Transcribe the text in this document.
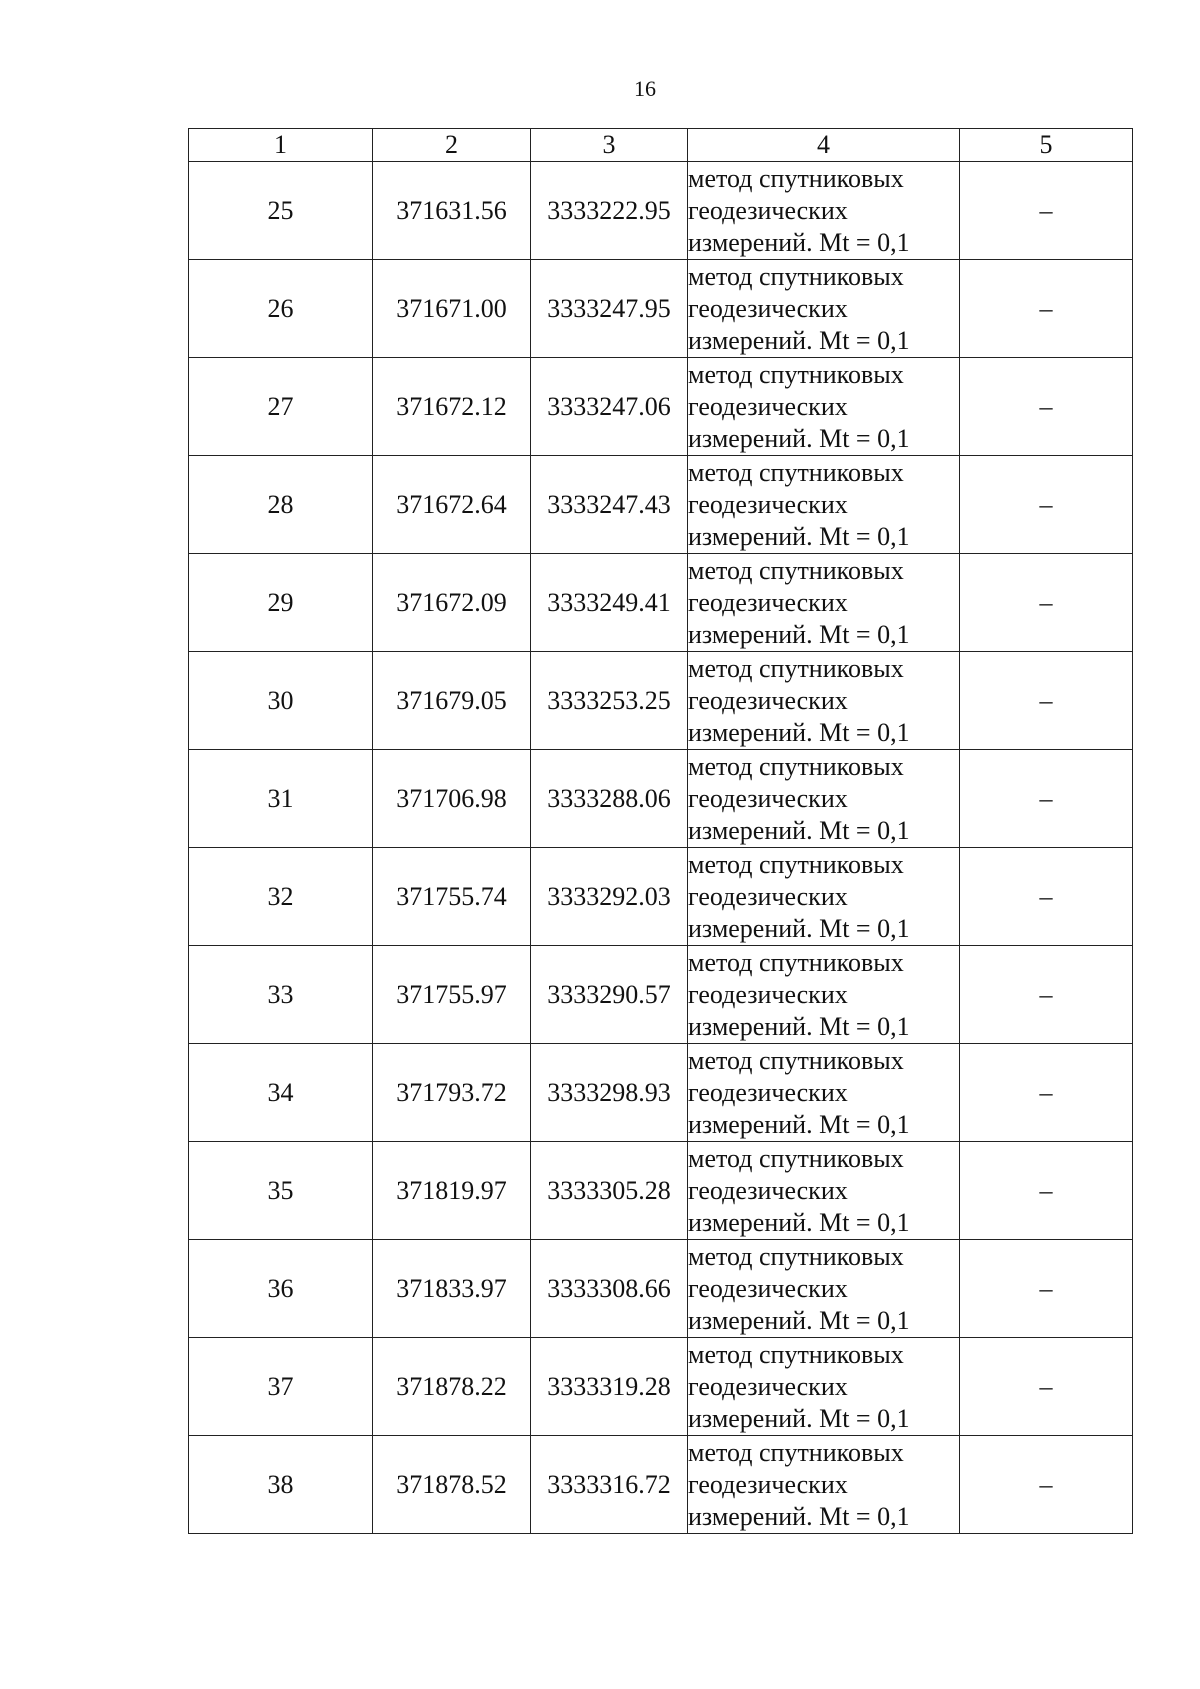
16
1	2	3	4	5
25	371631.56	3333222.95	метод спутниковых
геодезических
измерений. Mt = 0,1	–
26	371671.00	3333247.95	метод спутниковых
геодезических
измерений. Mt = 0,1	–
27	371672.12	3333247.06	метод спутниковых
геодезических
измерений. Mt = 0,1	–
28	371672.64	3333247.43	метод спутниковых
геодезических
измерений. Mt = 0,1	–
29	371672.09	3333249.41	метод спутниковых
геодезических
измерений. Mt = 0,1	–
30	371679.05	3333253.25	метод спутниковых
геодезических
измерений. Mt = 0,1	–
31	371706.98	3333288.06	метод спутниковых
геодезических
измерений. Mt = 0,1	–
32	371755.74	3333292.03	метод спутниковых
геодезических
измерений. Mt = 0,1	–
33	371755.97	3333290.57	метод спутниковых
геодезических
измерений. Mt = 0,1	–
34	371793.72	3333298.93	метод спутниковых
геодезических
измерений. Mt = 0,1	–
35	371819.97	3333305.28	метод спутниковых
геодезических
измерений. Mt = 0,1	–
36	371833.97	3333308.66	метод спутниковых
геодезических
измерений. Mt = 0,1	–
37	371878.22	3333319.28	метод спутниковых
геодезических
измерений. Mt = 0,1	–
38	371878.52	3333316.72	метод спутниковых
геодезических
измерений. Mt = 0,1	–
